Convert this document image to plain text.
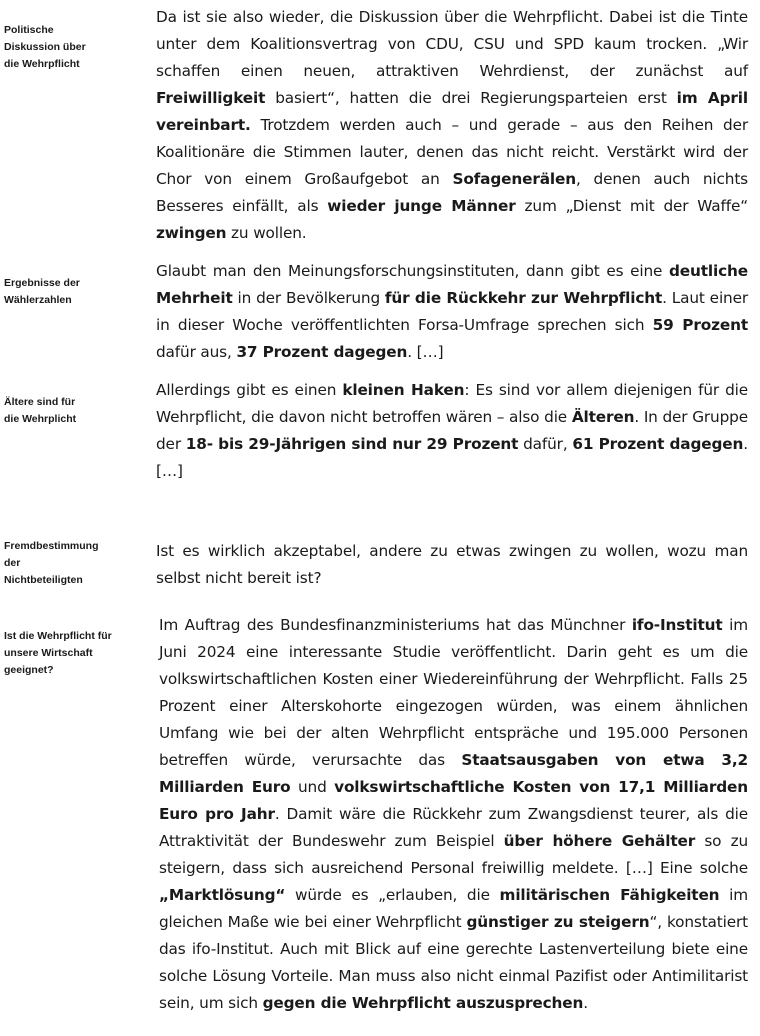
Politische
Diskussion über
die Wehrpflicht
Da ist sie also wieder, die Diskussion über die Wehrpflicht. Dabei ist die Tinte unter dem Koalitionsvertrag von CDU, CSU und SPD kaum trocken. „Wir schaffen einen neuen, attraktiven Wehrdienst, der zunächst auf Freiwilligkeit basiert“, hatten die drei Regierungsparteien erst im April vereinbart. Trotzdem werden auch – und gerade – aus den Reihen der Koalitionäre die Stimmen lauter, denen das nicht reicht. Verstärkt wird der Chor von einem Großaufgebot an Sofagenerälen, denen auch nichts Besseres einfällt, als wieder junge Männer zum „Dienst mit der Waffe“ zwingen zu wollen.
Ergebnisse der
Wählerzahlen
Glaubt man den Meinungsforschungsinstituten, dann gibt es eine deutliche Mehrheit in der Bevölkerung für die Rückkehr zur Wehrpflicht. Laut einer in dieser Woche veröffentlichten Forsa-Umfrage sprechen sich 59 Prozent dafür aus, 37 Prozent dagegen. […]
Ältere sind für
die Wehrplicht
Allerdings gibt es einen kleinen Haken: Es sind vor allem diejenigen für die Wehrpflicht, die davon nicht betroffen wären – also die Älteren. In der Gruppe der 18- bis 29-Jährigen sind nur 29 Prozent dafür, 61 Prozent dagegen. […]
Fremdbestimmung
der
Nichtbeteiligten
Ist es wirklich akzeptabel, andere zu etwas zwingen zu wollen, wozu man selbst nicht bereit ist?
Ist die Wehrpflicht für
unsere Wirtschaft
geeignet?
Im Auftrag des Bundesfinanzministeriums hat das Münchner ifo-Institut im Juni 2024 eine interessante Studie veröffentlicht. Darin geht es um die volkswirtschaftlichen Kosten einer Wiedereinführung der Wehrpflicht. Falls 25 Prozent einer Alterskohorte eingezogen würden, was einem ähnlichen Umfang wie bei der alten Wehrpflicht entspräche und 195.000 Personen betreffen würde, verursachte das Staatsausgaben von etwa 3,2 Milliarden Euro und volkswirtschaftliche Kosten von 17,1 Milliarden Euro pro Jahr. Damit wäre die Rückkehr zum Zwangsdienst teurer, als die Attraktivität der Bundeswehr zum Beispiel über höhere Gehälter so zu steigern, dass sich ausreichend Personal freiwillig meldete. […] Eine solche „Marktlösung“ würde es „erlauben, die militärischen Fähigkeiten im gleichen Maße wie bei einer Wehrpflicht günstiger zu steigern“, konstatiert das ifo-Institut. Auch mit Blick auf eine gerechte Lastenverteilung biete eine solche Lösung Vorteile. Man muss also nicht einmal Pazifist oder Antimilitarist sein, um sich gegen die Wehrpflicht auszusprechen.
